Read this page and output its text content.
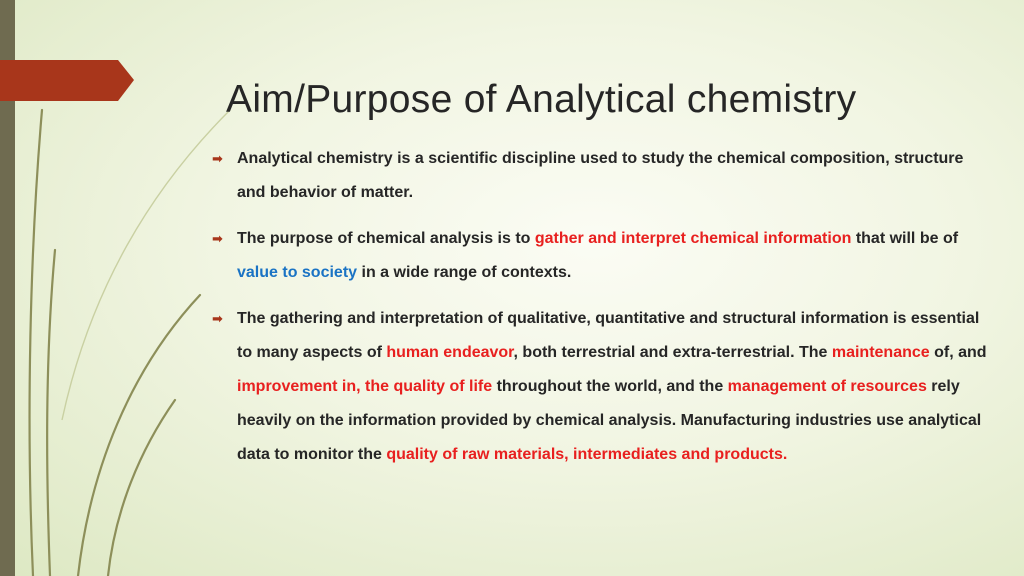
Aim/Purpose of Analytical chemistry
➡ Analytical chemistry is a scientific discipline used to study the chemical composition, structure and behavior of matter.
➡ The purpose of chemical analysis is to gather and interpret chemical information that will be of value to society in a wide range of contexts.
➡ The gathering and interpretation of qualitative, quantitative and structural information is essential to many aspects of human endeavor, both terrestrial and extra-terrestrial. The maintenance of, and improvement in, the quality of life throughout the world, and the management of resources rely heavily on the information provided by chemical analysis. Manufacturing industries use analytical data to monitor the quality of raw materials, intermediates and products.
